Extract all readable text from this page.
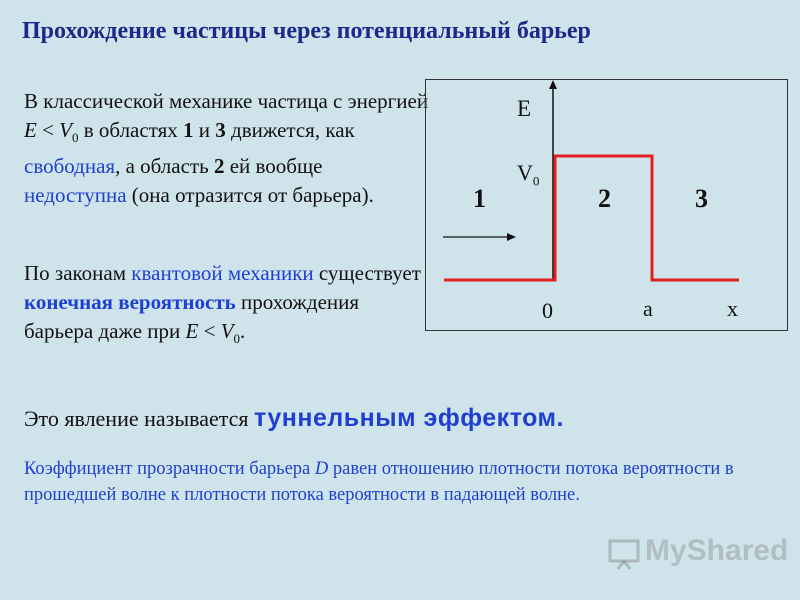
Прохождение частицы через потенциальный барьер
В классической механике частица с энергией $E < V_0$ в областях 1 и 3 движется, как свободная, а область 2 ей вообще недоступна (она отразится от барьера).
По законам квантовой механики существует конечная вероятность прохождения барьера даже при $E < V_0$.
Это явление называется туннельным эффектом.
Коэффициент прозрачности барьера D равен отношению плотности потока вероятности в прошедшей волне к плотности потока вероятности в падающей волне.
E
$V_0$
1	2	3
0	a	x
MyShared
